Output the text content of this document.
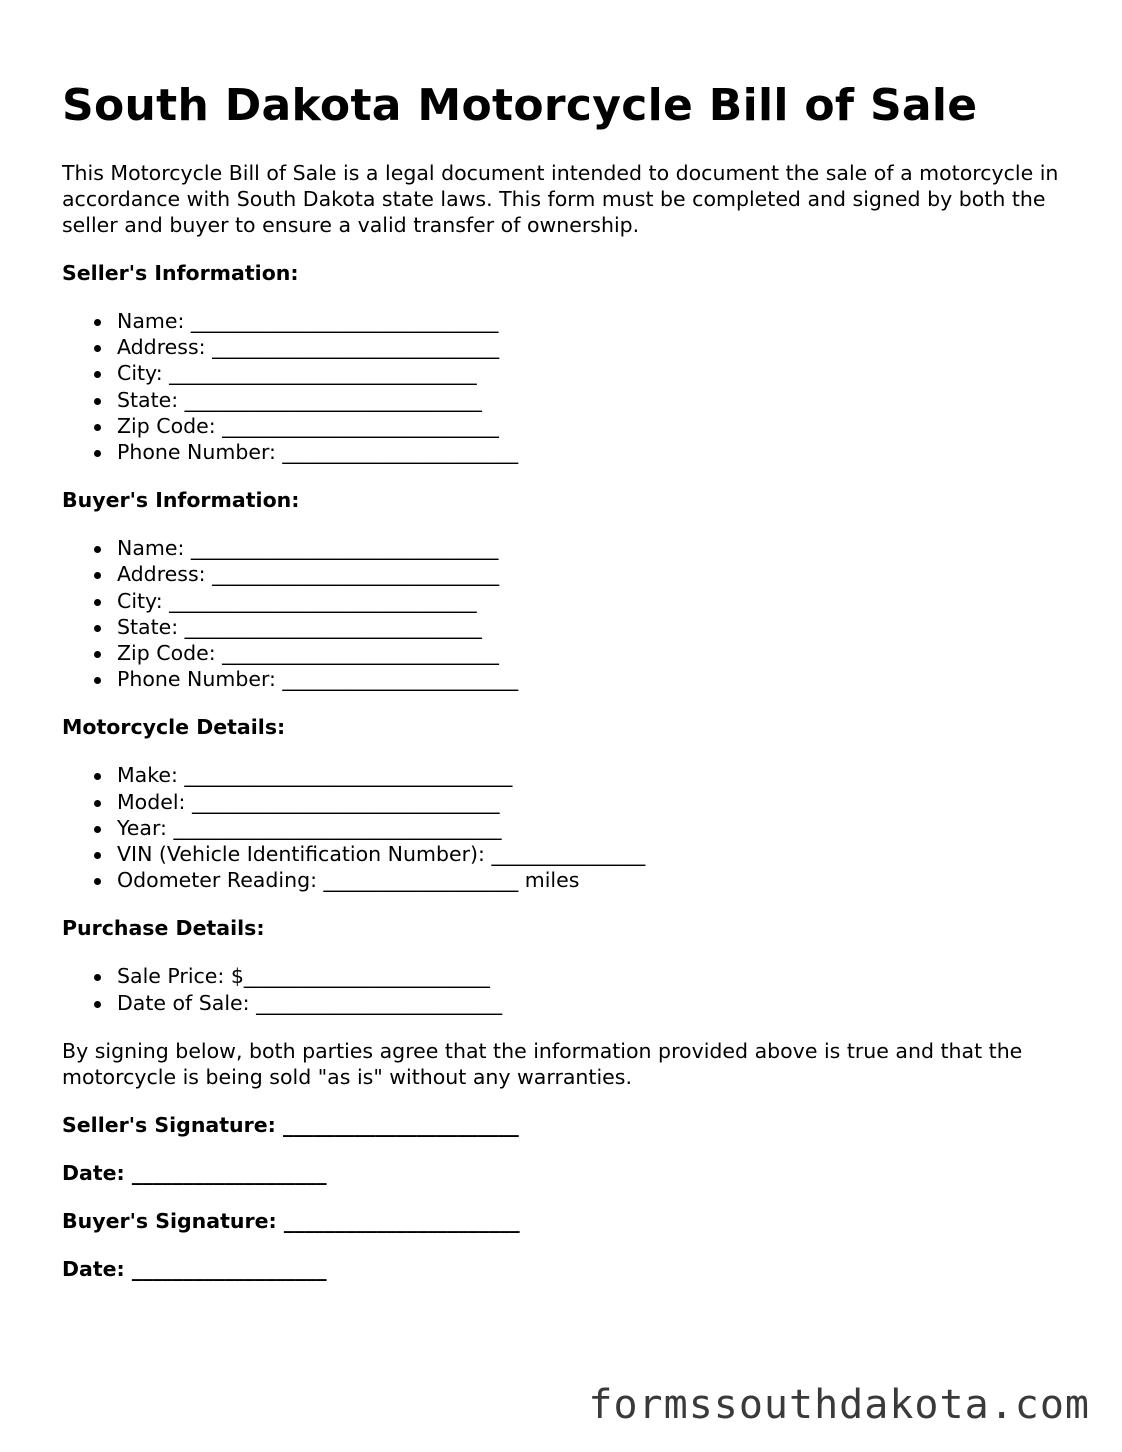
South Dakota Motorcycle Bill of Sale

This Motorcycle Bill of Sale is a legal document intended to document the sale of a motorcycle in accordance with South Dakota state laws. This form must be completed and signed by both the seller and buyer to ensure a valid transfer of ownership.

Seller's Information:
Name: ______________________________
Address: ____________________________
City: ______________________________
State: _____________________________
Zip Code: ___________________________
Phone Number: _______________________
Buyer's Information:
Name: ______________________________
Address: ____________________________
City: ______________________________
State: _____________________________
Zip Code: ___________________________
Phone Number: _______________________
Motorcycle Details:
Make: ________________________________
Model: ______________________________
Year: ________________________________
VIN (Vehicle Identification Number): _______________
Odometer Reading: ___________________ miles
Purchase Details:
Sale Price: $________________________
Date of Sale: ________________________

By signing below, both parties agree that the information provided above is true and that the motorcycle is being sold "as is" without any warranties.

Seller's Signature: _______________________
Date: ___________________
Buyer's Signature: _______________________
Date: ___________________
formssouthdakota.com
